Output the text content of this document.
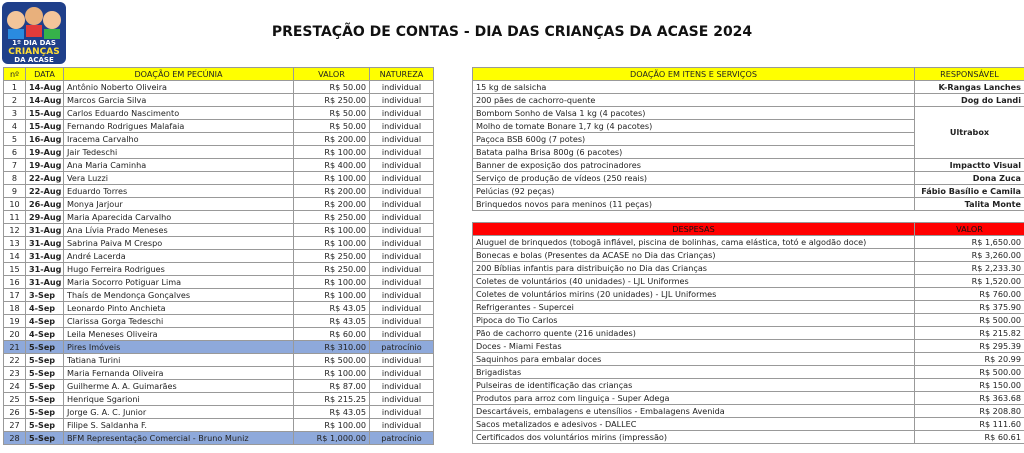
1º DIA DAS
CRIANÇAS
DA ACASE
PRESTAÇÃO DE CONTAS - DIA DAS CRIANÇAS DA ACASE 2024
nº	DATA	DOAÇÃO EM PECÚNIA	VALOR	NATUREZA
1	14-Aug	Antônio Noberto Oliveira	R$ 50.00	individual
2	14-Aug	Marcos Garcia Silva	R$ 250.00	individual
3	15-Aug	Carlos Eduardo Nascimento	R$ 50.00	individual
4	15-Aug	Fernando Rodrigues Malafaia	R$ 50.00	individual
5	16-Aug	Iracema Carvalho	R$ 200.00	individual
6	19-Aug	Jair Tedeschi	R$ 100.00	individual
7	19-Aug	Ana Maria Caminha	R$ 400.00	individual
8	22-Aug	Vera Luzzi	R$ 100.00	individual
9	22-Aug	Eduardo Torres	R$ 200.00	individual
10	26-Aug	Monya Jarjour	R$ 200.00	individual
11	29-Aug	Maria Aparecida Carvalho	R$ 250.00	individual
12	31-Aug	Ana Lívia Prado Meneses	R$ 100.00	individual
13	31-Aug	Sabrina Paiva M Crespo	R$ 100.00	individual
14	31-Aug	André Lacerda	R$ 250.00	individual
15	31-Aug	Hugo Ferreira Rodrigues	R$ 250.00	individual
16	31-Aug	Maria Socorro Potiguar Lima	R$ 100.00	individual
17	3-Sep	Thaís de Mendonça Gonçalves	R$ 100.00	individual
18	4-Sep	Leonardo Pinto Anchieta	R$ 43.05	individual
19	4-Sep	Clarissa Gorga Tedeschi	R$ 43.05	individual
20	4-Sep	Leila Meneses Oliveira	R$ 60.00	individual
21	5-Sep	Pires Imóveis	R$ 310.00	patrocínio
22	5-Sep	Tatiana Turini	R$ 500.00	individual
23	5-Sep	Maria Fernanda Oliveira	R$ 100.00	individual
24	5-Sep	Guilherme A. A. Guimarães	R$ 87.00	individual
25	5-Sep	Henrique Sgarioni	R$ 215.25	individual
26	5-Sep	Jorge G. A. C. Junior	R$ 43.05	individual
27	5-Sep	Filipe S. Saldanha F.	R$ 100.00	individual
28	5-Sep	BFM Representação Comercial - Bruno Muniz	R$ 1,000.00	patrocínio
DOAÇÃO EM ITENS E SERVIÇOS	RESPONSÁVEL
15 kg de salsicha	K-Rangas Lanches
200 pães de cachorro-quente	Dog do Landi
Bombom Sonho de Valsa 1 kg (4 pacotes)	Ultrabox
Molho de tomate Bonare 1,7 kg (4 pacotes)	
Paçoca BSB 600g (7 potes)	
Batata palha Brisa 800g (6 pacotes)	
Banner de exposição dos patrocinadores	Impactto Visual
Serviço de produção de vídeos (250 reais)	Dona Zuca
Pelúcias (92 peças)	Fábio Basílio e Camila
Brinquedos novos para meninos (11 peças)	Talita Monte
DESPESAS	VALOR
Aluguel de brinquedos (tobogã inflável, piscina de bolinhas, cama elástica, totó e algodão doce)	R$ 1,650.00
Bonecas e bolas (Presentes da ACASE no Dia das Crianças)	R$ 3,260.00
200 Bíblias infantis para distribuição no Dia das Crianças	R$ 2,233.30
Coletes de voluntários (40 unidades) - LJL Uniformes	R$ 1,520.00
Coletes de voluntários mirins (20 unidades) - LJL Uniformes	R$ 760.00
Refrigerantes - Supercei	R$ 375.90
Pipoca do Tio Carlos	R$ 500.00
Pão de cachorro quente (216 unidades)	R$ 215.82
Doces - Miami Festas	R$ 295.39
Saquinhos para embalar doces	R$ 20.99
Brigadistas	R$ 500.00
Pulseiras de identificação das crianças	R$ 150.00
Produtos para arroz com linguiça - Super Adega	R$ 363.68
Descartáveis, embalagens e utensílios - Embalagens Avenida	R$ 208.80
Sacos metalizados e adesivos - DALLEC	R$ 111.60
Certificados dos voluntários mirins (impressão)	R$ 60.61
